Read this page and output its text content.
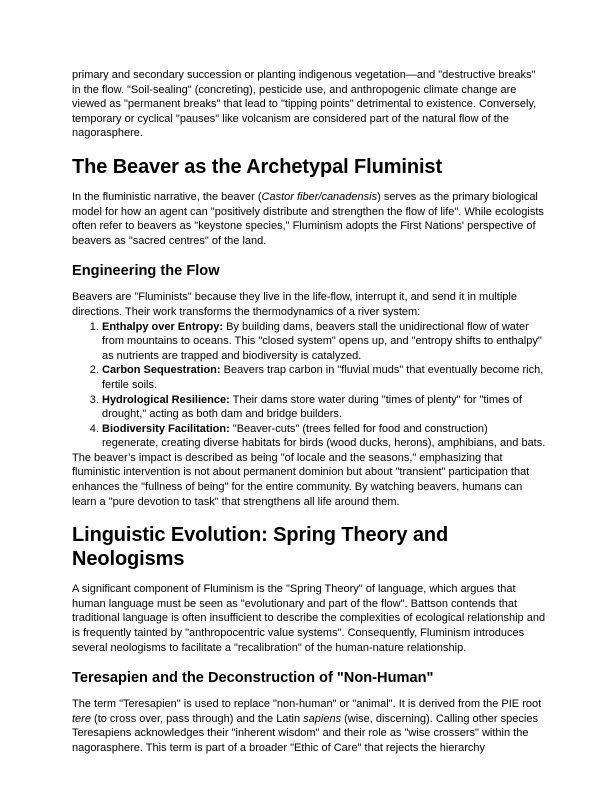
primary and secondary succession or planting indigenous vegetation—and "destructive breaks" in the flow. "Soil-sealing" (concreting), pesticide use, and anthropogenic climate change are viewed as "permanent breaks" that lead to "tipping points" detrimental to existence. Conversely, temporary or cyclical "pauses" like volcanism are considered part of the natural flow of the nagorasphere.

The Beaver as the Archetypal Fluminist

In the fluministic narrative, the beaver (Castor fiber/canadensis) serves as the primary biological model for how an agent can "positively distribute and strengthen the flow of life". While ecologists often refer to beavers as "keystone species," Fluminism adopts the First Nations' perspective of beavers as "sacred centres" of the land.

Engineering the Flow

Beavers are "Fluminists" because they live in the life-flow, interrupt it, and send it in multiple directions. Their work transforms the thermodynamics of a river system:

1. Enthalpy over Entropy: By building dams, beavers stall the unidirectional flow of water from mountains to oceans. This "closed system" opens up, and "entropy shifts to enthalpy" as nutrients are trapped and biodiversity is catalyzed.
2. Carbon Sequestration: Beavers trap carbon in "fluvial muds" that eventually become rich, fertile soils.
3. Hydrological Resilience: Their dams store water during "times of plenty" for "times of drought," acting as both dam and bridge builders.
4. Biodiversity Facilitation: "Beaver-cuts" (trees felled for food and construction) regenerate, creating diverse habitats for birds (wood ducks, herons), amphibians, and bats.

The beaver’s impact is described as being "of locale and the seasons," emphasizing that fluministic intervention is not about permanent dominion but about "transient" participation that enhances the "fullness of being" for the entire community. By watching beavers, humans can learn a "pure devotion to task" that strengthens all life around them.

Linguistic Evolution: Spring Theory and Neologisms

A significant component of Fluminism is the "Spring Theory" of language, which argues that human language must be seen as "evolutionary and part of the flow". Battson contends that traditional language is often insufficient to describe the complexities of ecological relationship and is frequently tainted by "anthropocentric value systems". Consequently, Fluminism introduces several neologisms to facilitate a "recalibration" of the human-nature relationship.

Teresapien and the Deconstruction of "Non-Human"

The term "Teresapien" is used to replace "non-human" or "animal". It is derived from the PIE root tere (to cross over, pass through) and the Latin sapiens (wise, discerning). Calling other species Teresapiens acknowledges their "inherent wisdom" and their role as "wise crossers" within the nagorasphere. This term is part of a broader "Ethic of Care" that rejects the hierarchy
